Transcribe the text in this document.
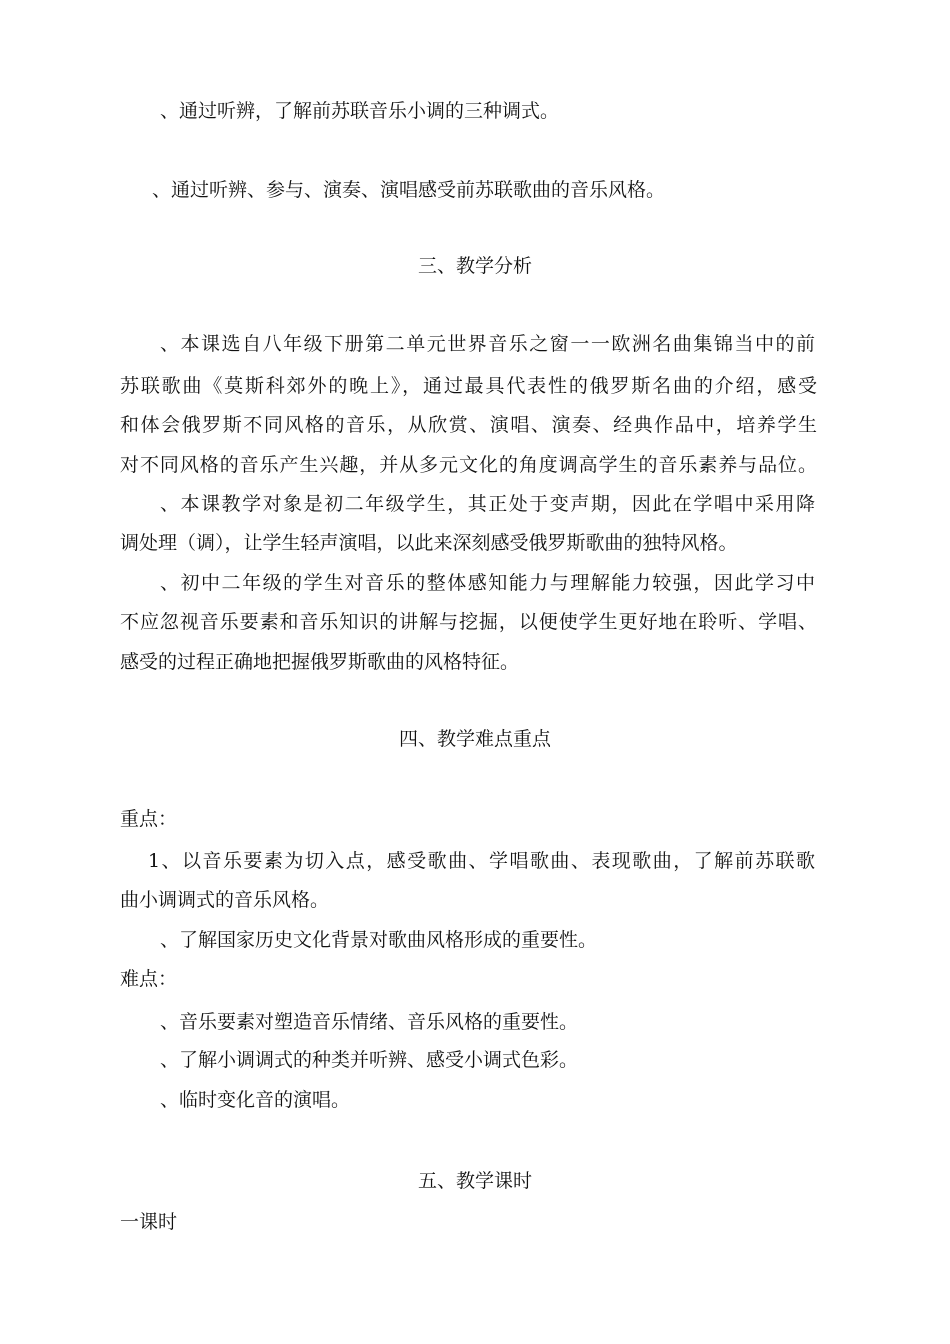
、通过听辨，了解前苏联音乐小调的三种调式。
、通过听辨、参与、演奏、演唱感受前苏联歌曲的音乐风格。
三、教学分析
、本课选自八年级下册第二单元世界音乐之窗一一欧洲名曲集锦当中的前
苏联歌曲《莫斯科郊外的晚上》，通过最具代表性的俄罗斯名曲的介绍，感受
和体会俄罗斯不同风格的音乐，从欣赏、演唱、演奏、经典作品中，培养学生
对不同风格的音乐产生兴趣，并从多元文化的角度调高学生的音乐素养与品位。
、本课教学对象是初二年级学生，其正处于变声期，因此在学唱中采用降
调处理（调），让学生轻声演唱，以此来深刻感受俄罗斯歌曲的独特风格。
、初中二年级的学生对音乐的整体感知能力与理解能力较强，因此学习中
不应忽视音乐要素和音乐知识的讲解与挖掘，以便使学生更好地在聆听、学唱、
感受的过程正确地把握俄罗斯歌曲的风格特征。
四、教学难点重点
重点：
1、以音乐要素为切入点，感受歌曲、学唱歌曲、表现歌曲，了解前苏联歌
曲小调调式的音乐风格。
、了解国家历史文化背景对歌曲风格形成的重要性。
难点：
、音乐要素对塑造音乐情绪、音乐风格的重要性。
、了解小调调式的种类并听辨、感受小调式色彩。
、临时变化音的演唱。
五、教学课时
一课时
